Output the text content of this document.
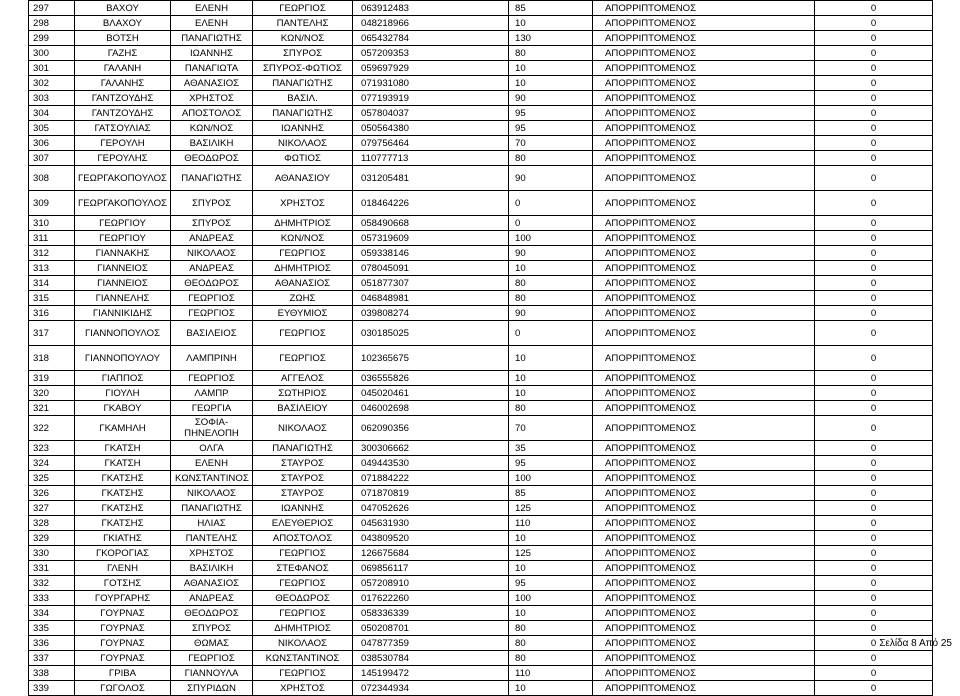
297	ΒΑΧΟΥ	ΕΛΕΝΗ	ΓΕΩΡΓΙΟΣ	063912483	85	ΑΠΟΡΡΙΠΤΟΜΕΝΟΣ	0
298	ΒΛΑΧΟΥ	ΕΛΕΝΗ	ΠΑΝΤΕΛΗΣ	048218966	10	ΑΠΟΡΡΙΠΤΟΜΕΝΟΣ	0
299	ΒΟΤΣΗ	ΠΑΝΑΓΙΩΤΗΣ	ΚΩΝ/ΝΟΣ	065432784	130	ΑΠΟΡΡΙΠΤΟΜΕΝΟΣ	0
300	ΓΑΖΗΣ	ΙΩΑΝΝΗΣ	ΣΠΥΡΟΣ	057209353	80	ΑΠΟΡΡΙΠΤΟΜΕΝΟΣ	0
301	ΓΑΛΑΝΗ	ΠΑΝΑΓΙΩΤΑ	ΣΠΥΡΟΣ-ΦΩΤΙΟΣ	059697929	10	ΑΠΟΡΡΙΠΤΟΜΕΝΟΣ	0
302	ΓΑΛΑΝΗΣ	ΑΘΑΝΑΣΙΟΣ	ΠΑΝΑΓΙΩΤΗΣ	071931080	10	ΑΠΟΡΡΙΠΤΟΜΕΝΟΣ	0
303	ΓΑΝΤΖΟΥΔΗΣ	ΧΡΗΣΤΟΣ	ΒΑΣΙΛ.	077193919	90	ΑΠΟΡΡΙΠΤΟΜΕΝΟΣ	0
304	ΓΑΝΤΖΟΥΔΗΣ	ΑΠΟΣΤΟΛΟΣ	ΠΑΝΑΓΙΩΤΗΣ	057804037	95	ΑΠΟΡΡΙΠΤΟΜΕΝΟΣ	0
305	ΓΑΤΣΟΥΛΙΑΣ	ΚΩΝ/ΝΟΣ	ΙΩΑΝΝΗΣ	050564380	95	ΑΠΟΡΡΙΠΤΟΜΕΝΟΣ	0
306	ΓΕΡΟΥΛΗ	ΒΑΣΙΛΙΚΗ	ΝΙΚΟΛΑΟΣ	079756464	70	ΑΠΟΡΡΙΠΤΟΜΕΝΟΣ	0
307	ΓΕΡΟΥΛΗΣ	ΘΕΟΔΩΡΟΣ	ΦΩΤΙΟΣ	110777713	80	ΑΠΟΡΡΙΠΤΟΜΕΝΟΣ	0
308	ΓΕΩΡΓΑΚΟΠΟΥΛΟΣ	ΠΑΝΑΓΙΩΤΗΣ	ΑΘΑΝΑΣΙΟΥ	031205481	90	ΑΠΟΡΡΙΠΤΟΜΕΝΟΣ	0
309	ΓΕΩΡΓΑΚΟΠΟΥΛΟΣ	ΣΠΥΡΟΣ	ΧΡΗΣΤΟΣ	018464226	0	ΑΠΟΡΡΙΠΤΟΜΕΝΟΣ	0
310	ΓΕΩΡΓΙΟΥ	ΣΠΥΡΟΣ	ΔΗΜΗΤΡΙΟΣ	058490668	0	ΑΠΟΡΡΙΠΤΟΜΕΝΟΣ	0
311	ΓΕΩΡΓΙΟΥ	ΑΝΔΡΕΑΣ	ΚΩΝ/ΝΟΣ	057319609	100	ΑΠΟΡΡΙΠΤΟΜΕΝΟΣ	0
312	ΓΙΑΝΝΑΚΗΣ	ΝΙΚΟΛΑΟΣ	ΓΕΩΡΓΙΟΣ	059338146	90	ΑΠΟΡΡΙΠΤΟΜΕΝΟΣ	0
313	ΓΙΑΝΝΕΙΟΣ	ΑΝΔΡΕΑΣ	ΔΗΜΗΤΡΙΟΣ	078045091	10	ΑΠΟΡΡΙΠΤΟΜΕΝΟΣ	0
314	ΓΙΑΝΝΕΙΟΣ	ΘΕΟΔΩΡΟΣ	ΑΘΑΝΑΣΙΟΣ	051877307	80	ΑΠΟΡΡΙΠΤΟΜΕΝΟΣ	0
315	ΓΙΑΝΝΕΛΗΣ	ΓΕΩΡΓΙΟΣ	ΖΩΗΣ	046848981	80	ΑΠΟΡΡΙΠΤΟΜΕΝΟΣ	0
316	ΓΙΑΝΝΙΚΙΔΗΣ	ΓΕΩΡΓΙΟΣ	ΕΥΘΥΜΙΟΣ	039808274	90	ΑΠΟΡΡΙΠΤΟΜΕΝΟΣ	0
317	ΓΙΑΝΝΟΠΟΥΛΟΣ	ΒΑΣΙΛΕΙΟΣ	ΓΕΩΡΓΙΟΣ	030185025	0	ΑΠΟΡΡΙΠΤΟΜΕΝΟΣ	0
318	ΓΙΑΝΝΟΠΟΥΛΟΥ	ΛΑΜΠΡΙΝΗ	ΓΕΩΡΓΙΟΣ	102365675	10	ΑΠΟΡΡΙΠΤΟΜΕΝΟΣ	0
319	ΓΙΑΠΠΟΣ	ΓΕΩΡΓΙΟΣ	ΑΓΓΕΛΟΣ	036555826	10	ΑΠΟΡΡΙΠΤΟΜΕΝΟΣ	0
320	ΓΙΟΥΛΗ	ΛΑΜΠΡ	ΣΩΤΗΡΙΟΣ	045020461	10	ΑΠΟΡΡΙΠΤΟΜΕΝΟΣ	0
321	ΓΚΑΒΟΥ	ΓΕΩΡΓΙΑ	ΒΑΣΙΛΕΙΟΥ	046002698	80	ΑΠΟΡΡΙΠΤΟΜΕΝΟΣ	0
322	ΓΚΑΜΗΛΗ	ΣΟΦΙΑ-ΠΗΝΕΛΟΠΗ	ΝΙΚΟΛΑΟΣ	062090356	70	ΑΠΟΡΡΙΠΤΟΜΕΝΟΣ	0
323	ΓΚΑΤΣΗ	ΟΛΓΑ	ΠΑΝΑΓΙΩΤΗΣ	300306662	35	ΑΠΟΡΡΙΠΤΟΜΕΝΟΣ	0
324	ΓΚΑΤΣΗ	ΕΛΕΝΗ	ΣΤΑΥΡΟΣ	049443530	95	ΑΠΟΡΡΙΠΤΟΜΕΝΟΣ	0
325	ΓΚΑΤΣΗΣ	ΚΩΝΣΤΑΝΤΙΝΟΣ	ΣΤΑΥΡΟΣ	071884222	100	ΑΠΟΡΡΙΠΤΟΜΕΝΟΣ	0
326	ΓΚΑΤΣΗΣ	ΝΙΚΟΛΑΟΣ	ΣΤΑΥΡΟΣ	071870819	85	ΑΠΟΡΡΙΠΤΟΜΕΝΟΣ	0
327	ΓΚΑΤΣΗΣ	ΠΑΝΑΓΙΩΤΗΣ	ΙΩΑΝΝΗΣ	047052626	125	ΑΠΟΡΡΙΠΤΟΜΕΝΟΣ	0
328	ΓΚΑΤΣΗΣ	ΗΛΙΑΣ	ΕΛΕΥΘΕΡΙΟΣ	045631930	110	ΑΠΟΡΡΙΠΤΟΜΕΝΟΣ	0
329	ΓΚΙΑΤΗΣ	ΠΑΝΤΕΛΗΣ	ΑΠΟΣΤΟΛΟΣ	043809520	10	ΑΠΟΡΡΙΠΤΟΜΕΝΟΣ	0
330	ΓΚΟΡΟΓΙΑΣ	ΧΡΗΣΤΟΣ	ΓΕΩΡΓΙΟΣ	126675684	125	ΑΠΟΡΡΙΠΤΟΜΕΝΟΣ	0
331	ΓΛΕΝΗ	ΒΑΣΙΛΙΚΗ	ΣΤΕΦΑΝΟΣ	069856117	10	ΑΠΟΡΡΙΠΤΟΜΕΝΟΣ	0
332	ΓΟΤΣΗΣ	ΑΘΑΝΑΣΙΟΣ	ΓΕΩΡΓΙΟΣ	057208910	95	ΑΠΟΡΡΙΠΤΟΜΕΝΟΣ	0
333	ΓΟΥΡΓΑΡΗΣ	ΑΝΔΡΕΑΣ	ΘΕΟΔΩΡΟΣ	017622260	100	ΑΠΟΡΡΙΠΤΟΜΕΝΟΣ	0
334	ΓΟΥΡΝΑΣ	ΘΕΟΔΩΡΟΣ	ΓΕΩΡΓΙΟΣ	058336339	10	ΑΠΟΡΡΙΠΤΟΜΕΝΟΣ	0
335	ΓΟΥΡΝΑΣ	ΣΠΥΡΟΣ	ΔΗΜΗΤΡΙΟΣ	050208701	80	ΑΠΟΡΡΙΠΤΟΜΕΝΟΣ	0
336	ΓΟΥΡΝΑΣ	ΘΩΜΑΣ	ΝΙΚΟΛΑΟΣ	047877359	80	ΑΠΟΡΡΙΠΤΟΜΕΝΟΣ	0
337	ΓΟΥΡΝΑΣ	ΓΕΩΡΓΙΟΣ	ΚΩΝΣΤΑΝΤΙΝΟΣ	038530784	80	ΑΠΟΡΡΙΠΤΟΜΕΝΟΣ	0
338	ΓΡΙΒΑ	ΓΙΑΝΝΟΥΛΑ	ΓΕΩΡΓΙΟΣ	145199472	110	ΑΠΟΡΡΙΠΤΟΜΕΝΟΣ	0
339	ΓΩΓΟΛΟΣ	ΣΠΥΡΙΔΩΝ	ΧΡΗΣΤΟΣ	072344934	10	ΑΠΟΡΡΙΠΤΟΜΕΝΟΣ	0
Σελίδα 8 Από 25
